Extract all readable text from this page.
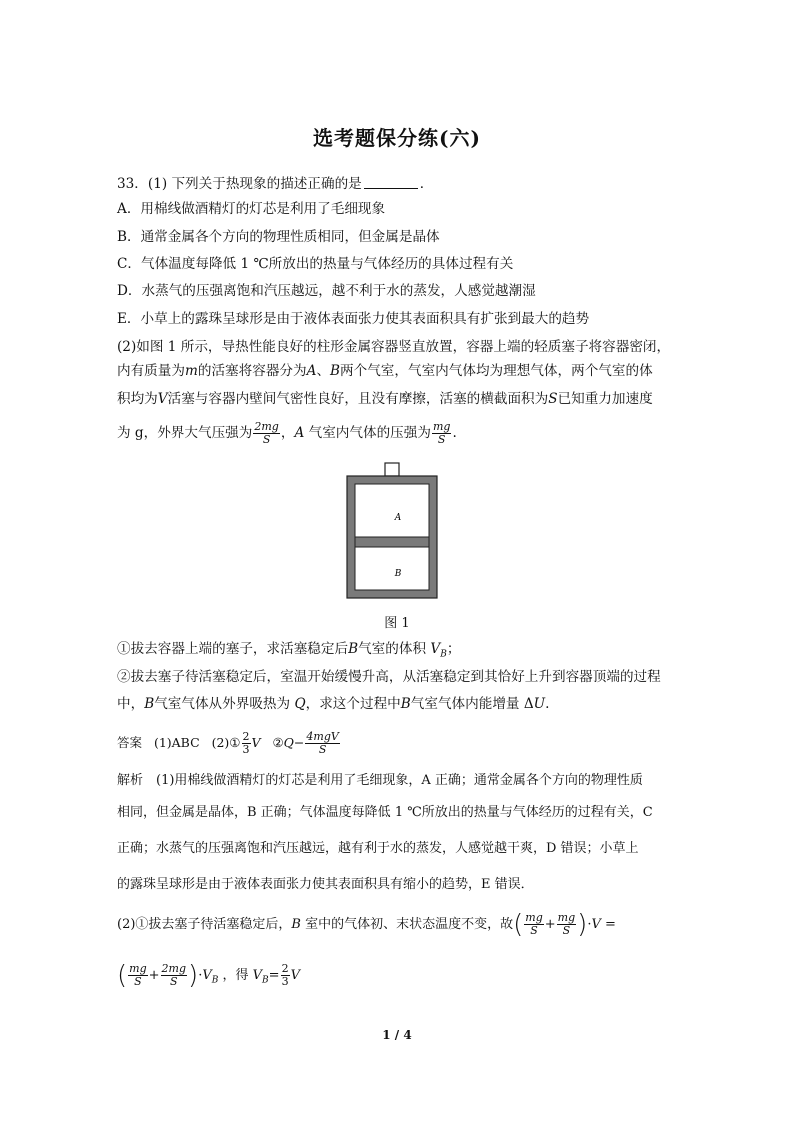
选考题保分练(六)
33．(1) 下列关于热现象的描述正确的是	．
A．用棉线做酒精灯的灯芯是利用了毛细现象
B．通常金属各个方向的物理性质相同，但金属是晶体
C．气体温度每降低 1 ℃所放出的热量与气体经历的具体过程有关
D．水蒸气的压强离饱和汽压越远，越不利于水的蒸发，人感觉越潮湿
E．小草上的露珠呈球形是由于液体表面张力使其表面积具有扩张到最大的趋势
(2)如图 1 所示，导热性能良好的柱形金属容器竖直放置，容器上端的轻质塞子将容器密闭，
内有质量为m的活塞将容器分为A、B两个气室，气室内气体均为理想气体，两个气室的体
积均为V活塞与容器内壁间气密性良好，且没有摩擦，活塞的横截面积为S已知重力加速度
为 g，外界大气压强为 $\frac{2mg}{S}$ ，A 气室内气体的压强为 $\frac{mg}{S}$ .
A
B
图 1
①拔去容器上端的塞子，求活塞稳定后B气室的体积 $V_B$；
②拔去塞子待活塞稳定后，室温开始缓慢升高，从活塞稳定到其恰好上升到容器顶端的过程
中，B气室气体从外界吸热为 Q，求这个过程中B气室气体内能增量 ΔU.
答案 (1)ABC (2)① $\frac{2}{3}$ V ②Q− $\frac{\text{4mgV}}{S}$
解析　(1)用棉线做酒精灯的灯芯是利用了毛细现象，A 正确；通常金属各个方向的物理性质
相同，但金属是晶体，B 正确；气体温度每降低 1 ℃所放出的热量与气体经历的过程有关，C
正确；水蒸气的压强离饱和汽压越远，越有利于水的蒸发，人感觉越干爽，D 错误；小草上
的露珠呈球形是由于液体表面张力使其表面积具有缩小的趋势，E 错误．
(2)①拔去塞子待活塞稳定后，B 室中的气体初、末状态温度不变，故( $\frac{mg}{S} + \frac{mg}{S} )\cdot V$ =
( $\frac{mg}{S} + \frac{2mg}{S} )\cdot V_B$ ，得 $V_B= \frac{2}{3}$ V
1 / 4
